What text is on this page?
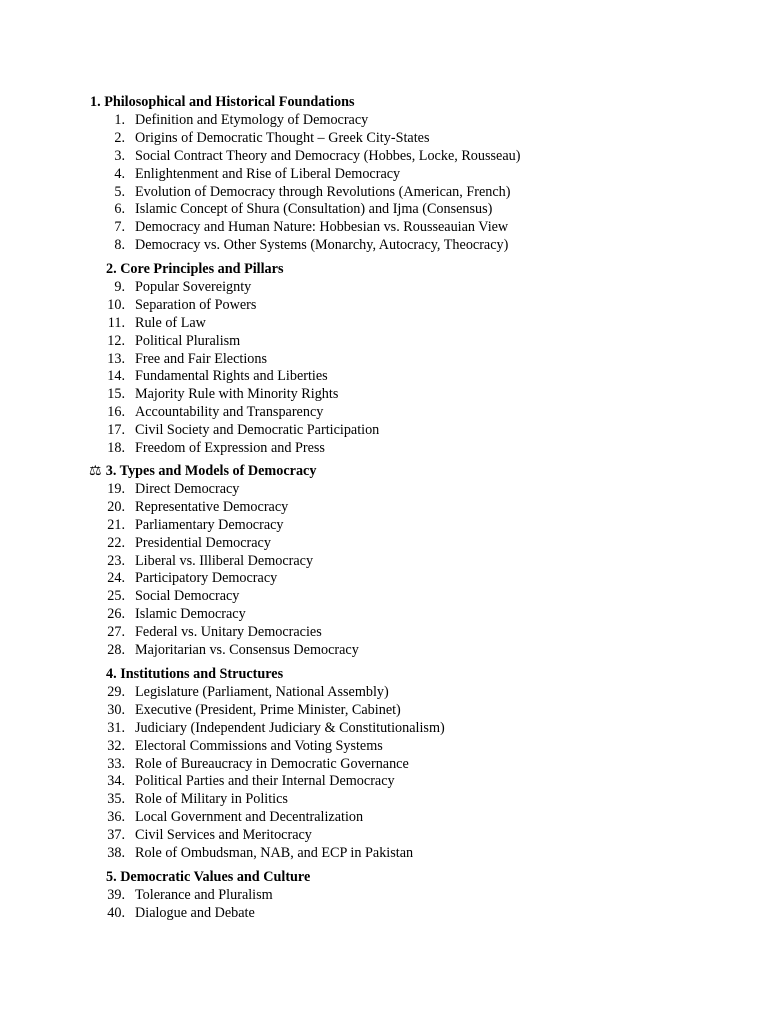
1. Philosophical and Historical Foundations
1. Definition and Etymology of Democracy
2. Origins of Democratic Thought – Greek City-States
3. Social Contract Theory and Democracy (Hobbes, Locke, Rousseau)
4. Enlightenment and Rise of Liberal Democracy
5. Evolution of Democracy through Revolutions (American, French)
6. Islamic Concept of Shura (Consultation) and Ijma (Consensus)
7. Democracy and Human Nature: Hobbesian vs. Rousseauian View
8. Democracy vs. Other Systems (Monarchy, Autocracy, Theocracy)
2. Core Principles and Pillars
9. Popular Sovereignty
10. Separation of Powers
11. Rule of Law
12. Political Pluralism
13. Free and Fair Elections
14. Fundamental Rights and Liberties
15. Majority Rule with Minority Rights
16. Accountability and Transparency
17. Civil Society and Democratic Participation
18. Freedom of Expression and Press
⚖ 3. Types and Models of Democracy
19. Direct Democracy
20. Representative Democracy
21. Parliamentary Democracy
22. Presidential Democracy
23. Liberal vs. Illiberal Democracy
24. Participatory Democracy
25. Social Democracy
26. Islamic Democracy
27. Federal vs. Unitary Democracies
28. Majoritarian vs. Consensus Democracy
4. Institutions and Structures
29. Legislature (Parliament, National Assembly)
30. Executive (President, Prime Minister, Cabinet)
31. Judiciary (Independent Judiciary & Constitutionalism)
32. Electoral Commissions and Voting Systems
33. Role of Bureaucracy in Democratic Governance
34. Political Parties and their Internal Democracy
35. Role of Military in Politics
36. Local Government and Decentralization
37. Civil Services and Meritocracy
38. Role of Ombudsman, NAB, and ECP in Pakistan
5. Democratic Values and Culture
39. Tolerance and Pluralism
40. Dialogue and Debate
